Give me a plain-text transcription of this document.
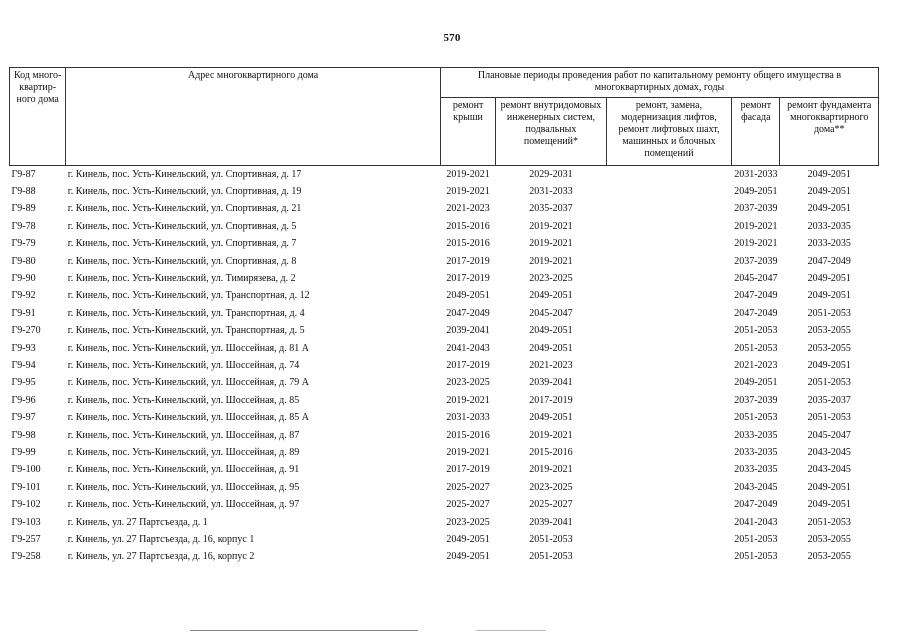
570
Код много-квартир-ного дома	Адрес многоквартирного дома	Плановые периоды проведения работ по капитальному ремонту общего имущества в многоквартирных домах, годы				
		ремонт крыши	ремонт внутридомовых инженерных систем, подвальных помещений*	ремонт, замена, модернизация лифтов, ремонт лифтовых шахт, машинных и блочных помещений	ремонт фасада	ремонт фундамента многоквартирного дома**
Г9-87	г. Кинель, пос. Усть-Кинельский, ул. Спортивная, д. 17	2019-2021	2029-2031		2031-2033	2049-2051
Г9-88	г. Кинель, пос. Усть-Кинельский, ул. Спортивная, д. 19	2019-2021	2031-2033		2049-2051	2049-2051
Г9-89	г. Кинель, пос. Усть-Кинельский, ул. Спортивная, д. 21	2021-2023	2035-2037		2037-2039	2049-2051
Г9-78	г. Кинель, пос. Усть-Кинельский, ул. Спортивная, д. 5	2015-2016	2019-2021		2019-2021	2033-2035
Г9-79	г. Кинель, пос. Усть-Кинельский, ул. Спортивная, д. 7	2015-2016	2019-2021		2019-2021	2033-2035
Г9-80	г. Кинель, пос. Усть-Кинельский, ул. Спортивная, д. 8	2017-2019	2019-2021		2037-2039	2047-2049
Г9-90	г. Кинель, пос. Усть-Кинельский, ул. Тимирязева, д. 2	2017-2019	2023-2025		2045-2047	2049-2051
Г9-92	г. Кинель, пос. Усть-Кинельский, ул. Транспортная, д. 12	2049-2051	2049-2051		2047-2049	2049-2051
Г9-91	г. Кинель, пос. Усть-Кинельский, ул. Транспортная, д. 4	2047-2049	2045-2047		2047-2049	2051-2053
Г9-270	г. Кинель, пос. Усть-Кинельский, ул. Транспортная, д. 5	2039-2041	2049-2051		2051-2053	2053-2055
Г9-93	г. Кинель, пос. Усть-Кинельский, ул. Шоссейная, д. 81 А	2041-2043	2049-2051		2051-2053	2053-2055
Г9-94	г. Кинель, пос. Усть-Кинельский, ул. Шоссейная, д. 74	2017-2019	2021-2023		2021-2023	2049-2051
Г9-95	г. Кинель, пос. Усть-Кинельский, ул. Шоссейная, д. 79 А	2023-2025	2039-2041		2049-2051	2051-2053
Г9-96	г. Кинель, пос. Усть-Кинельский, ул. Шоссейная, д. 85	2019-2021	2017-2019		2037-2039	2035-2037
Г9-97	г. Кинель, пос. Усть-Кинельский, ул. Шоссейная, д. 85 А	2031-2033	2049-2051		2051-2053	2051-2053
Г9-98	г. Кинель, пос. Усть-Кинельский, ул. Шоссейная, д. 87	2015-2016	2019-2021		2033-2035	2045-2047
Г9-99	г. Кинель, пос. Усть-Кинельский, ул. Шоссейная, д. 89	2019-2021	2015-2016		2033-2035	2043-2045
Г9-100	г. Кинель, пос. Усть-Кинельский, ул. Шоссейная, д. 91	2017-2019	2019-2021		2033-2035	2043-2045
Г9-101	г. Кинель, пос. Усть-Кинельский, ул. Шоссейная, д. 95	2025-2027	2023-2025		2043-2045	2049-2051
Г9-102	г. Кинель, пос. Усть-Кинельский, ул. Шоссейная, д. 97	2025-2027	2025-2027		2047-2049	2049-2051
Г9-103	г. Кинель, ул. 27 Партсъезда, д. 1	2023-2025	2039-2041		2041-2043	2051-2053
Г9-257	г. Кинель, ул. 27 Партсъезда, д. 16, корпус 1	2049-2051	2051-2053		2051-2053	2053-2055
Г9-258	г. Кинель, ул. 27 Партсъезда, д. 16, корпус 2	2049-2051	2051-2053		2051-2053	2053-2055
